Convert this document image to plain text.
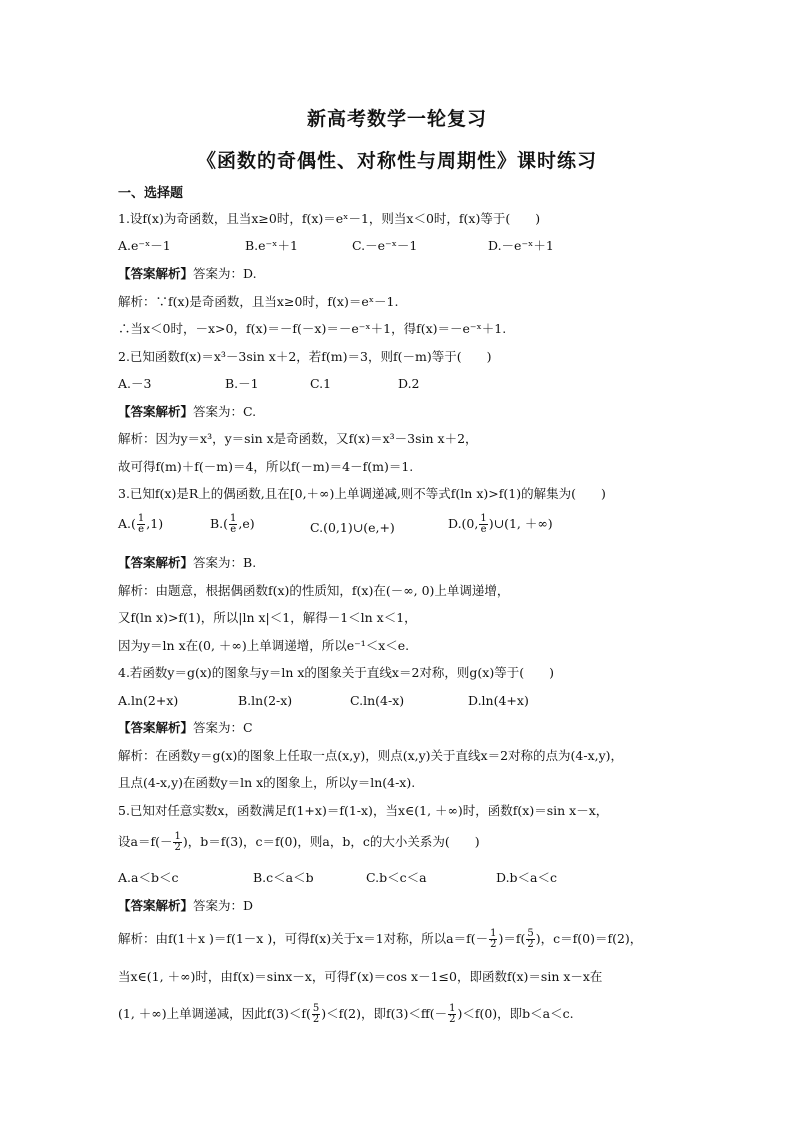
新高考数学一轮复习
《函数的奇偶性、对称性与周期性》课时练习
一、选择题
1.设f(x)为奇函数，且当x≥0时，f(x)＝eˣ－1，则当x＜0时，f(x)等于(　　)
A.e⁻ˣ－1	B.e⁻ˣ＋1	C.－e⁻ˣ－1	D.－e⁻ˣ＋1
【答案解析】答案为：D.
解析：∵f(x)是奇函数，且当x≥0时，f(x)＝eˣ－1.
∴当x＜0时，－x>0，f(x)＝－f(－x)＝－e⁻ˣ＋1，得f(x)＝－e⁻ˣ＋1.
2.已知函数f(x)＝x³－3sin x＋2，若f(m)＝3，则f(－m)等于(　　)
A.－3	B.－1	C.1	D.2
【答案解析】答案为：C.
解析：因为y＝x³，y＝sin x是奇函数，又f(x)＝x³－3sin x＋2，
故可得f(m)＋f(－m)＝4，所以f(－m)＝4－f(m)＝1.
3.已知f(x)是R上的偶函数,且在[0,＋∞)上单调递减,则不等式f(ln x)>f(1)的解集为(　　)
$A.( \frac{1}{e} ,1)$	$B.( \frac{1}{e} ,e)$	C.(0,1)∪(e,+)	D.(0, $\frac{1}{e}$ )∪(1, ＋∞)
【答案解析】答案为：B.
解析：由题意，根据偶函数f(x)的性质知，f(x)在(－∞, 0)上单调递增，
又f(ln x)>f(1)，所以|ln x|＜1，解得－1＜ln x＜1，
因为y＝ln x在(0, ＋∞)上单调递增，所以e⁻¹＜x＜e.
4.若函数y＝g(x)的图象与y＝ln x的图象关于直线x＝2对称，则g(x)等于(　　)
A.ln(2+x)	B.ln(2-x)	C.ln(4-x)	D.ln(4+x)
【答案解析】答案为：C
解析：在函数y＝g(x)的图象上任取一点(x,y)，则点(x,y)关于直线x＝2对称的点为(4-x,y)，
且点(4-x,y)在函数y＝ln x的图象上，所以y＝ln(4-x).
5.已知对任意实数x，函数满足f(1+x)＝f(1-x)，当x∈(1, ＋∞)时，函数f(x)＝sin x－x，
设$a=f(- \frac{1}{2}$ )，b＝f(3)，c＝f(0)，则a，b，c的大小关系为(　　)
A.a＜b＜c	B.c＜a＜b	C.b＜c＜a	D.b＜a＜c
【答案解析】答案为：D
解析：由f(1＋x )＝f(1－x )，可得f(x)关于x＝1对称，所以$a=f(- \frac{1}{2} )=f( \frac{5}{2}$ )，c＝f(0)＝f(2)，
当x∈(1, ＋∞)时，由f(x)＝sinx－x，可得f′(x)＝cos x－1≤0，即函数f(x)＝sin x－x在
(1, ＋∞)上单调递减，因此$f(3)<f( \frac{5}{2} )<f(2)$，即$f(3)<ff(- \frac{1}{2} )<f(0)$，即b＜a＜c.
